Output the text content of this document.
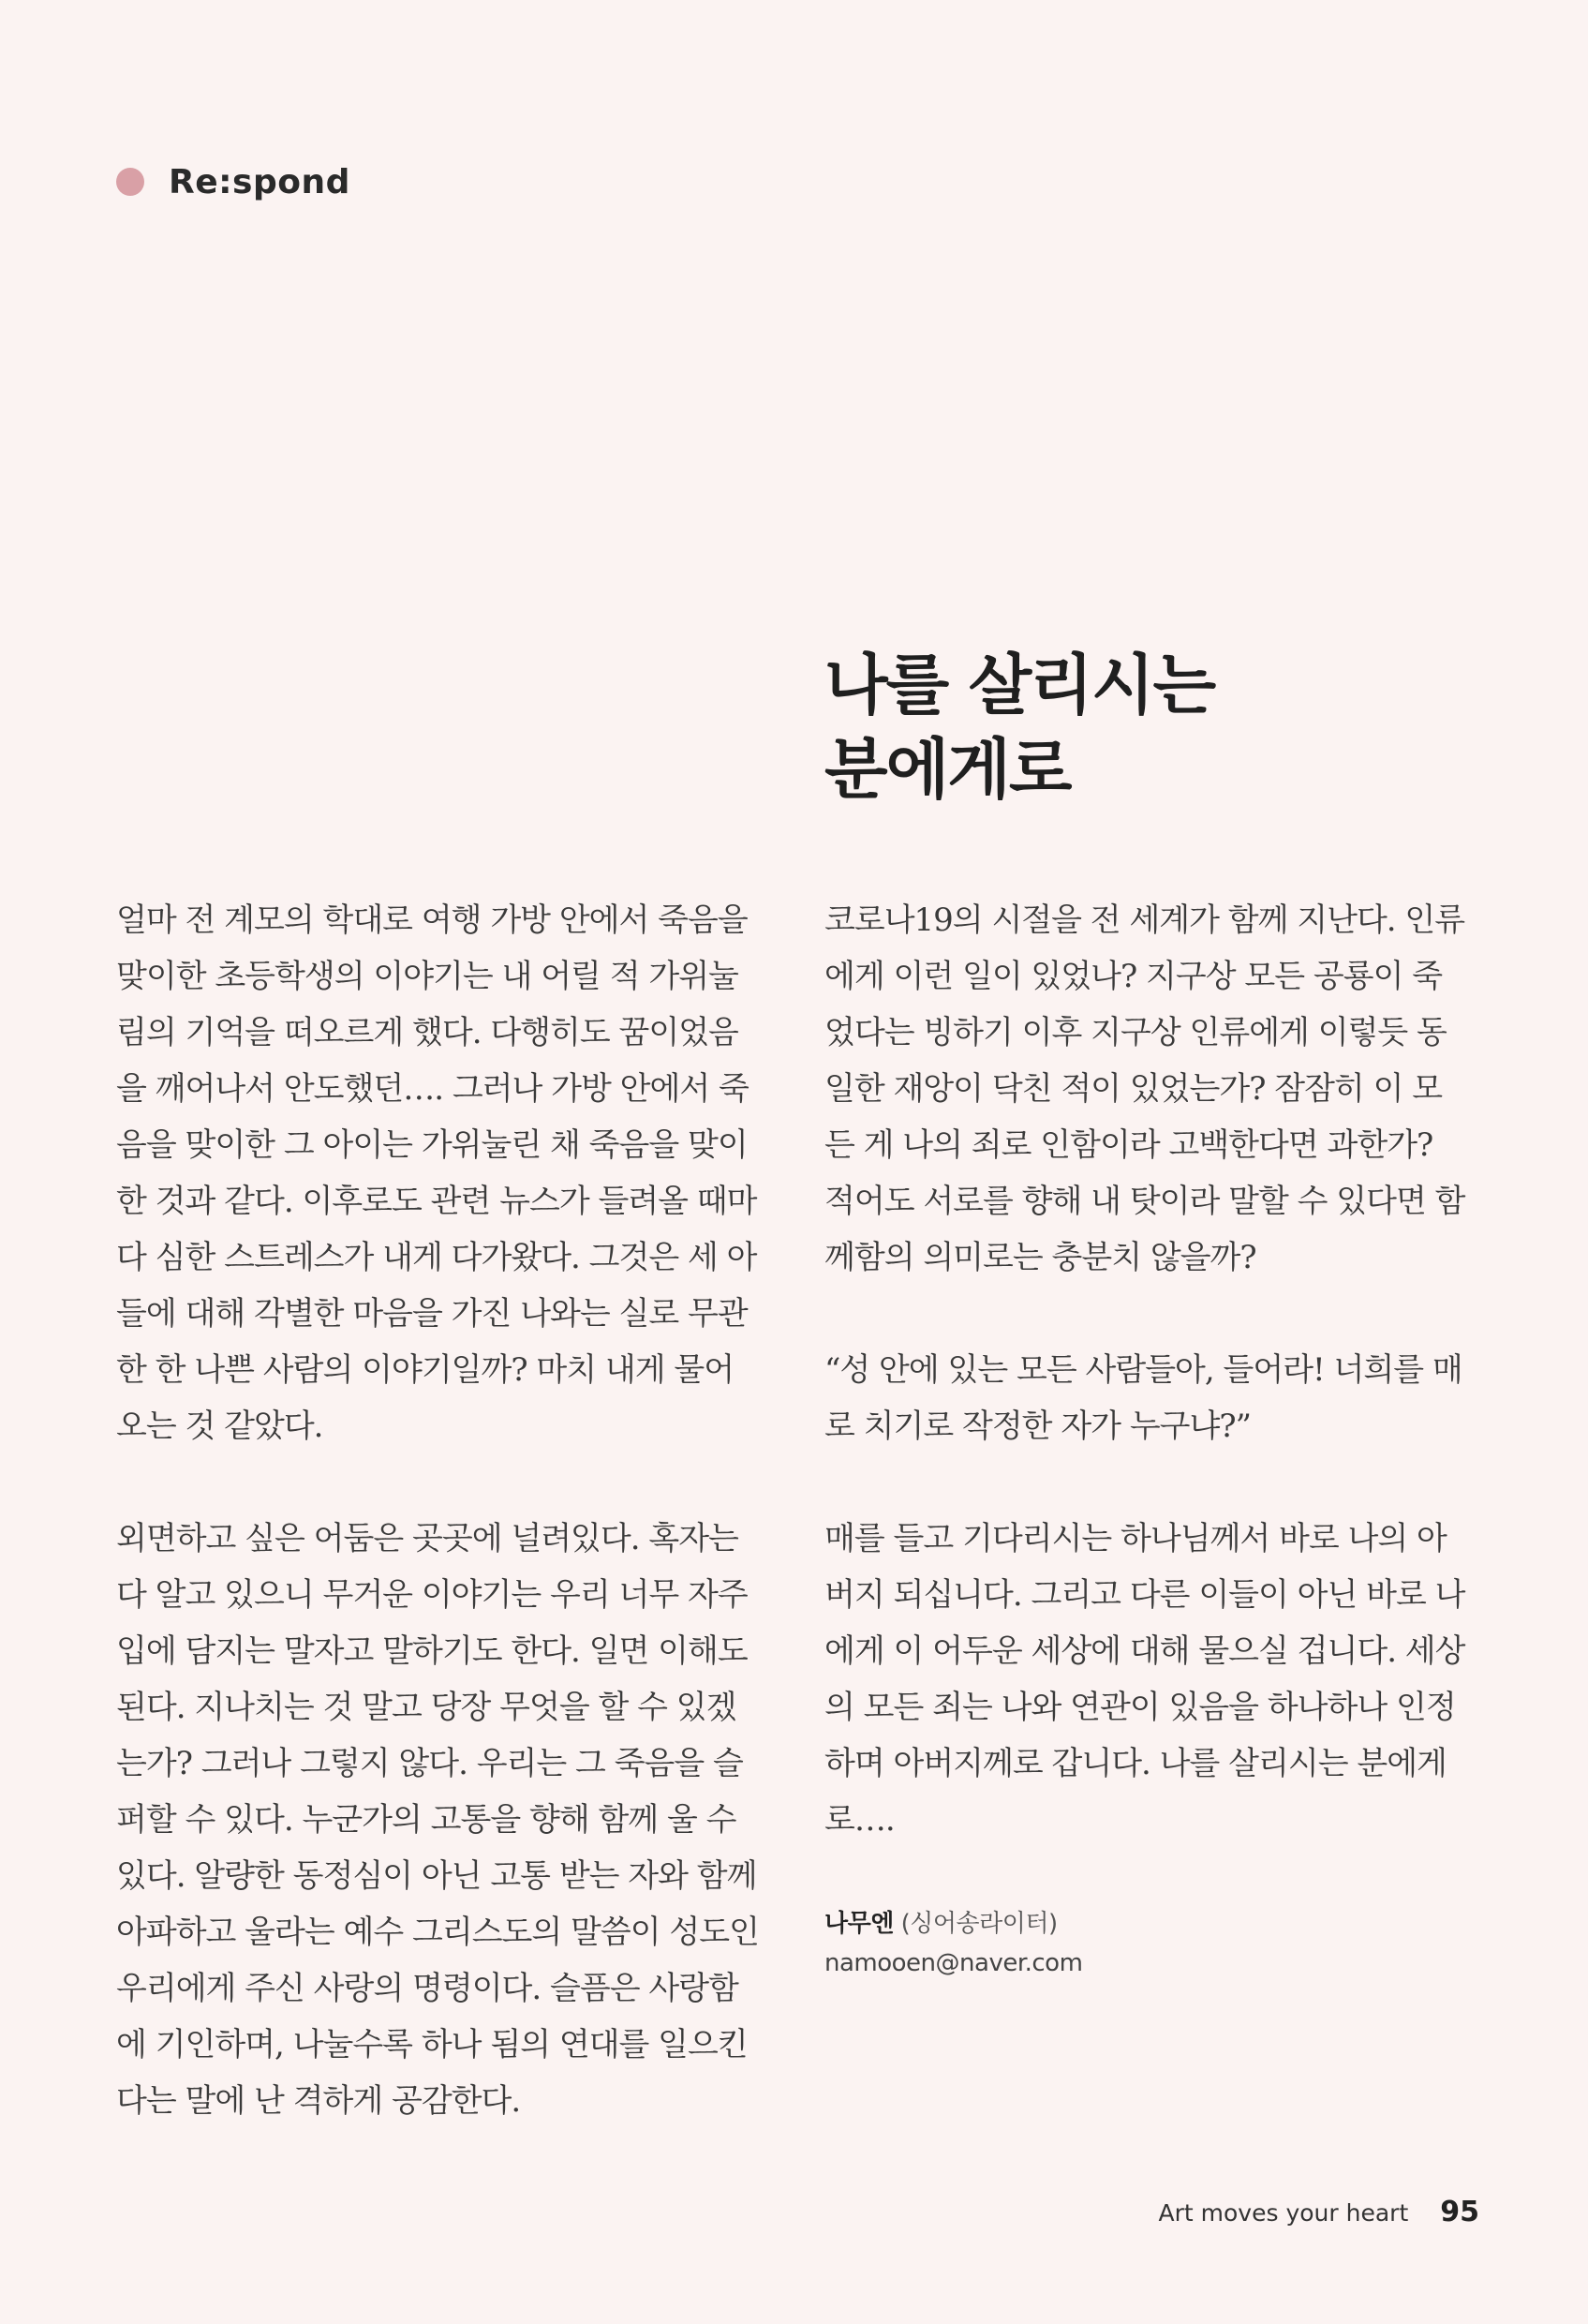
Re:spond
나를 살리시는
분에게로

얼마 전 계모의 학대로 여행 가방 안에서 죽음을
맞이한 초등학생의 이야기는 내 어릴 적 가위눌
림의 기억을 떠오르게 했다. 다행히도 꿈이었음
을 깨어나서 안도했던…. 그러나 가방 안에서 죽
음을 맞이한 그 아이는 가위눌린 채 죽음을 맞이
한 것과 같다. 이후로도 관련 뉴스가 들려올 때마
다 심한 스트레스가 내게 다가왔다. 그것은 세 아
들에 대해 각별한 마음을 가진 나와는 실로 무관
한 한 나쁜 사람의 이야기일까? 마치 내게 물어
오는 것 같았다.

외면하고 싶은 어둠은 곳곳에 널려있다. 혹자는
다 알고 있으니 무거운 이야기는 우리 너무 자주
입에 담지는 말자고 말하기도 한다. 일면 이해도
된다. 지나치는 것 말고 당장 무엇을 할 수 있겠
는가? 그러나 그렇지 않다. 우리는 그 죽음을 슬
퍼할 수 있다. 누군가의 고통을 향해 함께 울 수
있다. 알량한 동정심이 아닌 고통 받는 자와 함께
아파하고 울라는 예수 그리스도의 말씀이 성도인
우리에게 주신 사랑의 명령이다. 슬픔은 사랑함
에 기인하며, 나눌수록 하나 됨의 연대를 일으킨
다는 말에 난 격하게 공감한다.

코로나19의 시절을 전 세계가 함께 지난다. 인류
에게 이런 일이 있었나? 지구상 모든 공룡이 죽
었다는 빙하기 이후 지구상 인류에게 이렇듯 동
일한 재앙이 닥친 적이 있었는가? 잠잠히 이 모
든 게 나의 죄로 인함이라 고백한다면 과한가?
적어도 서로를 향해 내 탓이라 말할 수 있다면 함
께함의 의미로는 충분치 않을까?

“성 안에 있는 모든 사람들아, 들어라! 너희를 매
로 치기로 작정한 자가 누구냐?”

매를 들고 기다리시는 하나님께서 바로 나의 아
버지 되십니다. 그리고 다른 이들이 아닌 바로 나
에게 이 어두운 세상에 대해 물으실 겁니다. 세상
의 모든 죄는 나와 연관이 있음을 하나하나 인정
하며 아버지께로 갑니다. 나를 살리시는 분에게
로….

나무엔 (싱어송라이터)
namooen@naver.com
Art moves your heart 95
